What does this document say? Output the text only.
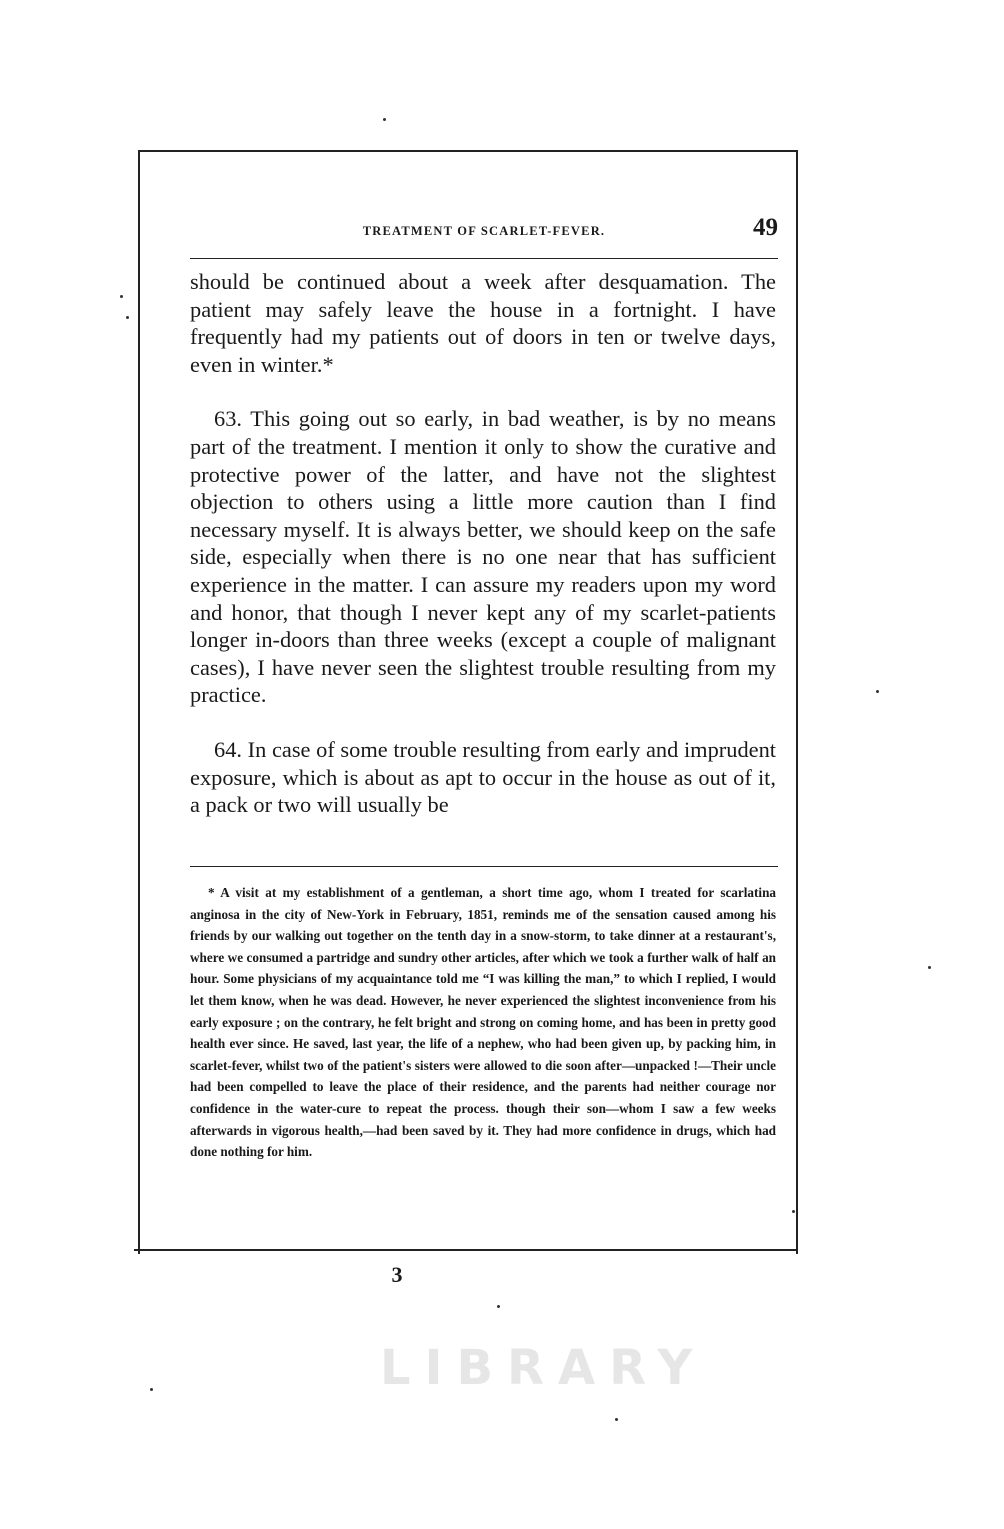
TREATMENT OF SCARLET-FEVER.	49

should be continued about a week after desquamation. The patient may safely leave the house in a fortnight. I have frequently had my patients out of doors in ten or twelve days, even in winter.*

63. This going out so early, in bad weather, is by no means part of the treatment. I mention it only to show the curative and protective power of the latter, and have not the slightest objection to others using a little more caution than I find necessary myself. It is always better, we should keep on the safe side, especially when there is no one near that has sufficient experience in the matter. I can assure my readers upon my word and honor, that though I never kept any of my scarlet-patients longer in-doors than three weeks (except a couple of malignant cases), I have never seen the slightest trouble resulting from my practice.

64. In case of some trouble resulting from early and imprudent exposure, which is about as apt to occur in the house as out of it, a pack or two will usually be

* A visit at my establishment of a gentleman, a short time ago, whom I treated for scarlatina anginosa in the city of New-York in February, 1851, reminds me of the sensation caused among his friends by our walking out together on the tenth day in a snow-storm, to take dinner at a restaurant's, where we consumed a partridge and sundry other articles, after which we took a further walk of half an hour. Some physicians of my acquaintance told me “I was killing the man,” to which I replied, I would let them know, when he was dead. However, he never experienced the slightest inconvenience from his early exposure ; on the contrary, he felt bright and strong on coming home, and has been in pretty good health ever since. He saved, last year, the life of a nephew, who had been given up, by packing him, in scarlet-fever, whilst two of the patient's sisters were allowed to die soon after—unpacked !—Their uncle had been compelled to leave the place of their residence, and the parents had neither courage nor confidence in the water-cure to repeat the process. though their son—whom I saw a few weeks afterwards in vigorous health,—had been saved by it. They had more confidence in drugs, which had done nothing for him.

3
LIBRARY
